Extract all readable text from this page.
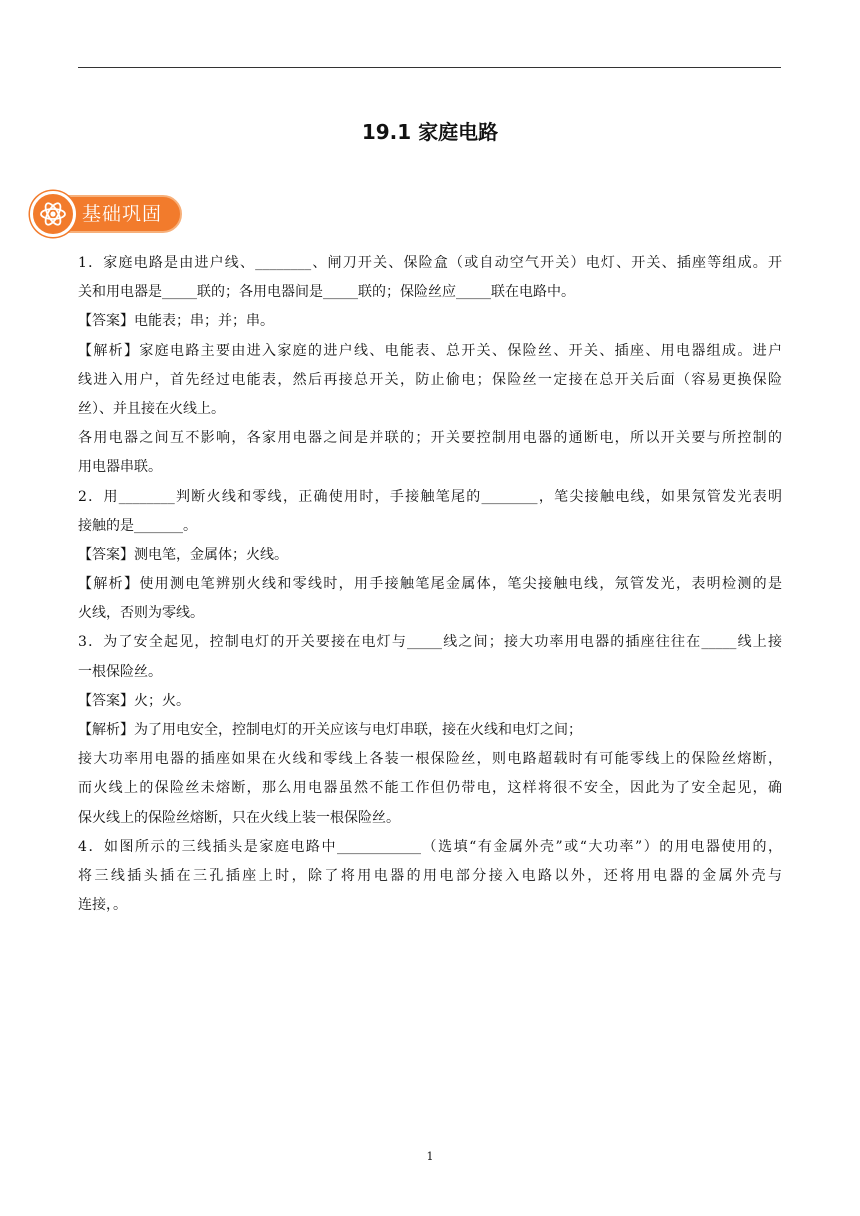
19.1 家庭电路
基础巩固
1．家庭电路是由进户线、________、闸刀开关、保险盒（或自动空气开关）电灯、开关、插座等组成。开
关和用电器是_____联的；各用电器间是_____联的；保险丝应_____联在电路中。
【答案】电能表；串；并；串。
【解析】家庭电路主要由进入家庭的进户线、电能表、总开关、保险丝、开关、插座、用电器组成。进户
线进入用户，首先经过电能表，然后再接总开关，防止偷电；保险丝一定接在总开关后面（容易更换保险
丝）、并且接在火线上。
各用电器之间互不影响，各家用电器之间是并联的；开关要控制用电器的通断电，所以开关要与所控制的
用电器串联。
2．用________判断火线和零线，正确使用时，手接触笔尾的________，笔尖接触电线，如果氖管发光表明
接触的是_______。
【答案】测电笔，金属体；火线。
【解析】使用测电笔辨别火线和零线时，用手接触笔尾金属体，笔尖接触电线，氖管发光，表明检测的是
火线，否则为零线。
3．为了安全起见，控制电灯的开关要接在电灯与_____线之间；接大功率用电器的插座往往在_____线上接
一根保险丝。
【答案】火；火。
【解析】为了用电安全，控制电灯的开关应该与电灯串联，接在火线和电灯之间；
接大功率用电器的插座如果在火线和零线上各装一根保险丝，则电路超载时有可能零线上的保险丝熔断，
而火线上的保险丝未熔断，那么用电器虽然不能工作但仍带电，这样将很不安全，因此为了安全起见，确
保火线上的保险丝熔断，只在火线上装一根保险丝。
4．如图所示的三线插头是家庭电路中____________（选填“有金属外壳”或“大功率”）的用电器使用的，
将三线插头插在三孔插座上时，除了将用电器的用电部分接入电路以外，还将用电器的金属外壳与
连接，。
1
